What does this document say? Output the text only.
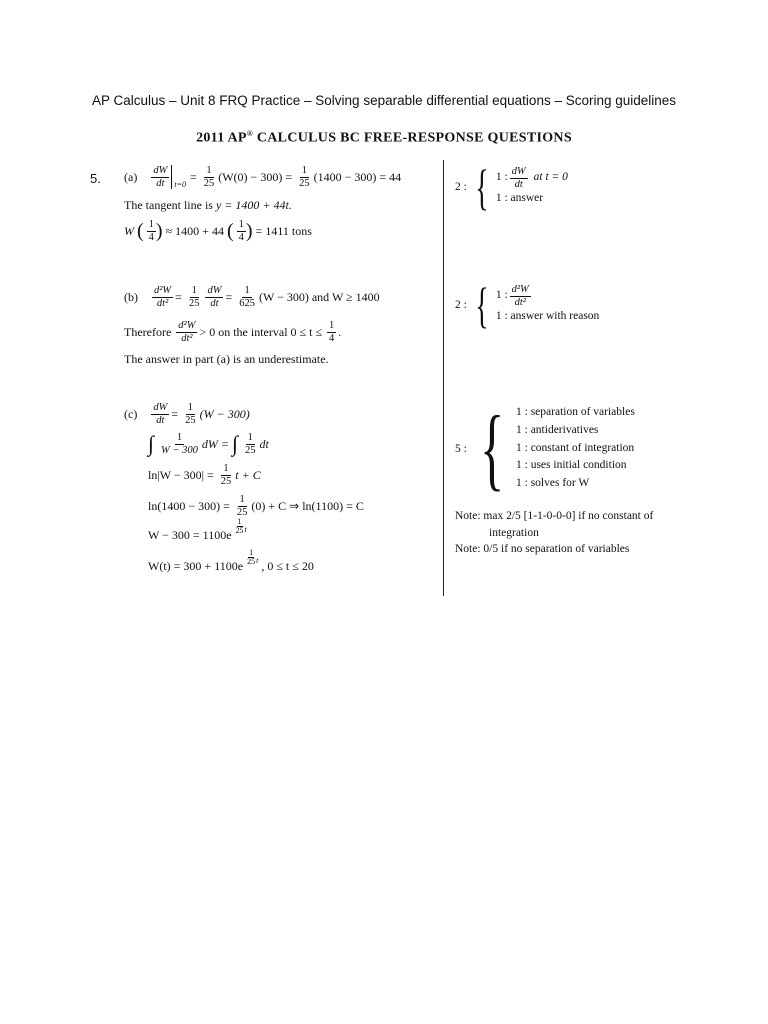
AP Calculus – Unit 8 FRQ Practice – Solving separable differential equations – Scoring guidelines
2011 AP® CALCULUS BC FREE-RESPONSE QUESTIONS
5. $(a) \frac{dW}{dt} t=0$
= $\frac{1}{25} (W(0) - 300) = \frac{1}{25} (1400 - 300) = 44$
The tangent line is y = 1400 + 44t.
W ( $\frac{1}{4}$ ) ≈ 1400 + 44 ( $\frac{1}{4}$ ) = 1411 tons
$(b) \frac{\text{d²W}}{\text{dt²}} = \frac{1}{25} \frac{dW}{dt} = \frac{1}{625} (W - 300)$ and W ≥ 1400
Therefore $\frac{\text{d²W}}{\text{dt²}} > 0$ on the interval $0 \le t \le \frac{1}{4}$ .
The answer in part (a) is an underestimate.
$(c) \frac{dW}{dt} = \frac{1}{25} (W - 300)$
∫ $\frac{1}{W - 300}$ dW = ∫ $\frac{1}{25}$ dt
$\ln|W - 300| = \frac{1}{25}$ t + C
$\ln(1400 - 300) = \frac{1}{25} (0) + C$ ⇒ ln(1100) = C
W − 300 = 1100e
1
25 t
W(t) = 300 + 1100e
1
25 t , 0 ≤ t ≤ 20
2 : { 1 : $\frac{dW}{dt}$ at t = 0
1 : answer
2 : { 1 : $\frac{\text{d²W}}{\text{dt²}}$
1 : answer with reason
5 : { 1 : separation of variables
1 : antiderivatives
1 : constant of integration
1 : uses initial condition
1 : solves for W
Note: max 2/5 [1-1-0-0-0] if no constant of
integration
Note: 0/5 if no separation of variables
